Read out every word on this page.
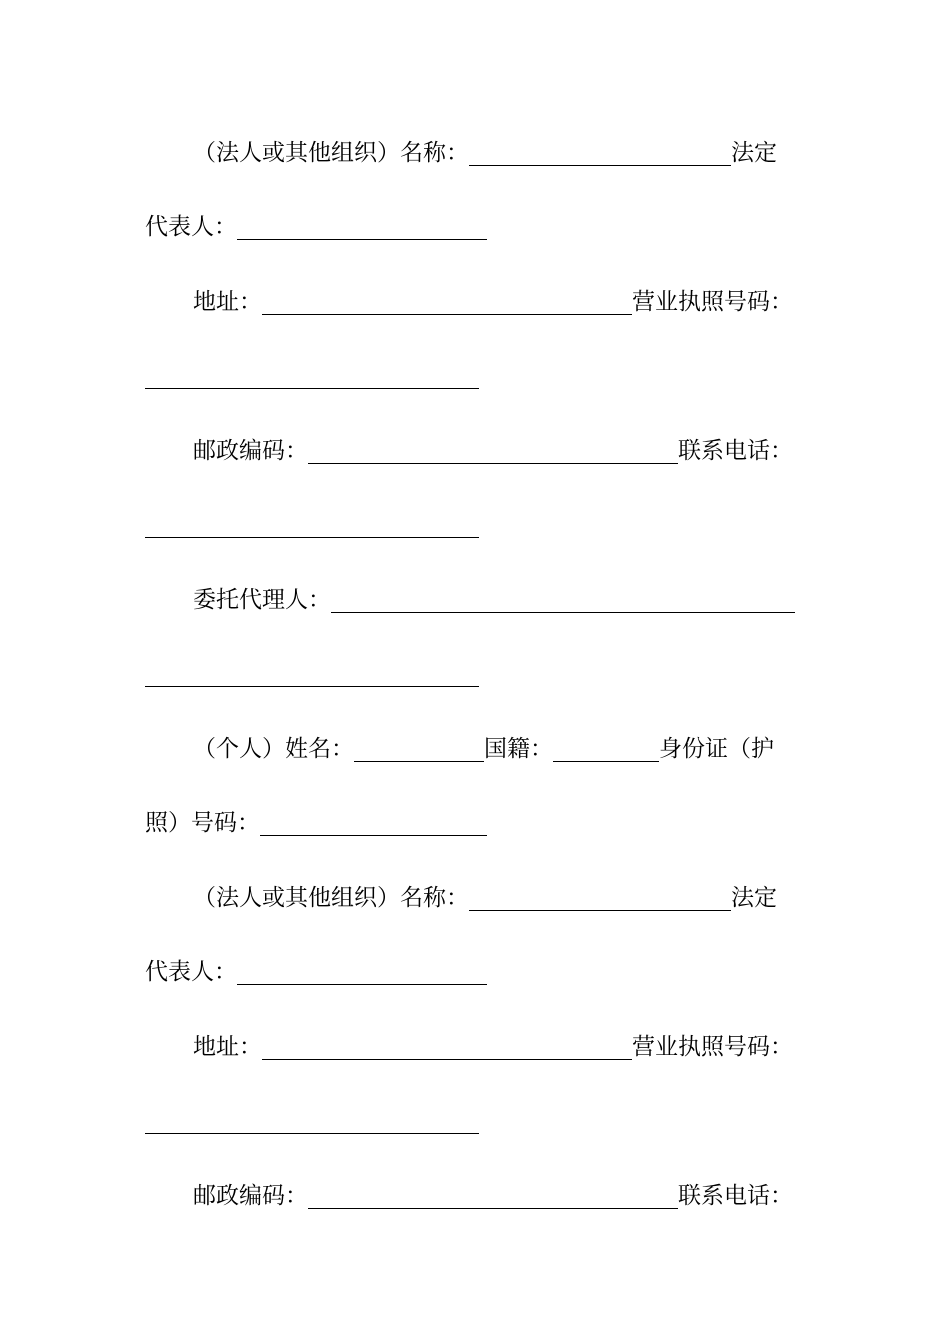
（法人或其他组织）名称：	法定
代表人：
地址：	营业执照号码：
邮政编码：	联系电话：
委托代理人：
（个人）姓名：	国籍：	身份证（护
照）号码：
（法人或其他组织）名称：	法定
代表人：
地址：	营业执照号码：
邮政编码：	联系电话：
